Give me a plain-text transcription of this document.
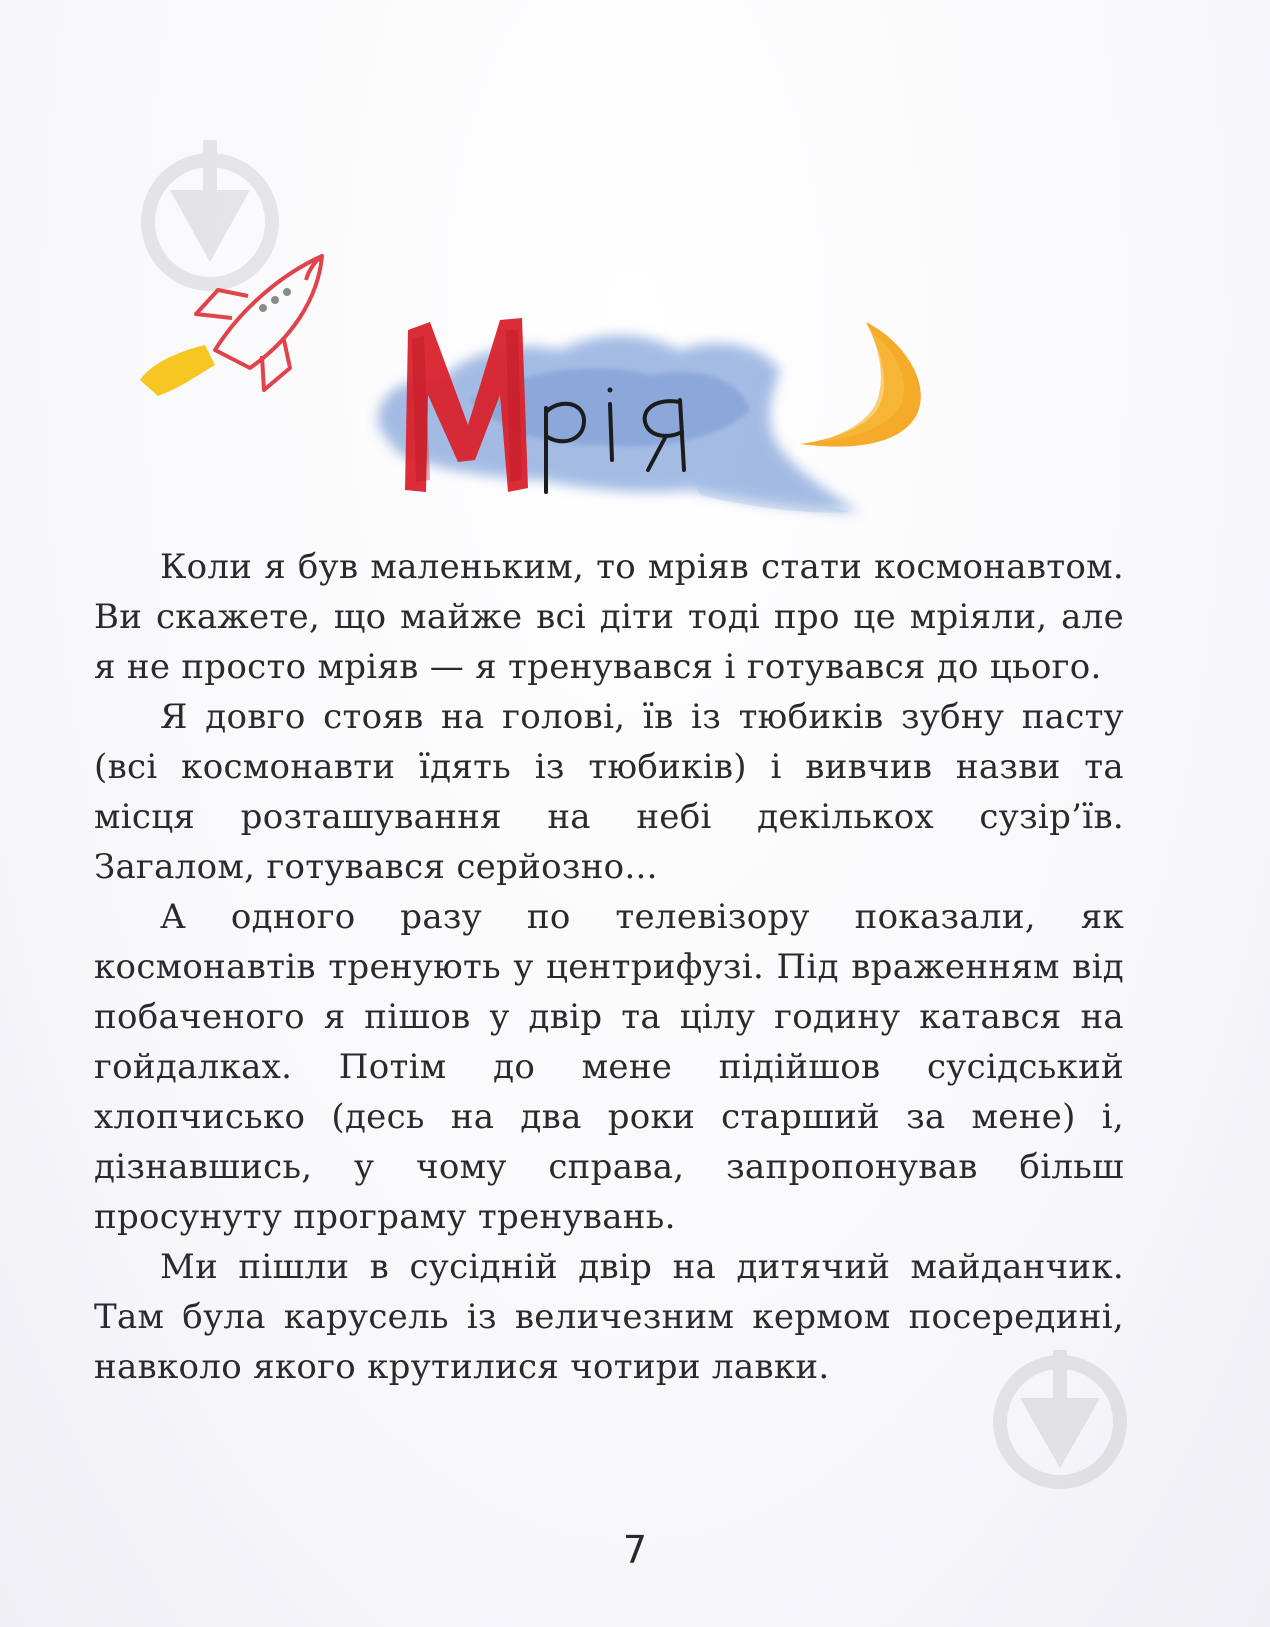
Коли я був маленьким, то мріяв стати космонавтом. Ви скажете, що майже всі діти тоді про це мріяли, але я не просто мріяв — я тренувався і готувався до цього.

Я довго стояв на голові, їв із тюбиків зубну пасту (всі космонавти їдять із тюбиків) і вивчив назви та місця розташування на небі декількох сузір’їв. Загалом, готувався серйозно...

А одного разу по телевізору показали, як космонавтів тренують у центрифузі. Під враженням від побаченого я пішов у двір та цілу годину катався на гойдалках. Потім до мене підійшов сусідський хлопчисько (десь на два роки старший за мене) і, дізнавшись, у чому справа, запропонував більш просунуту програму тренувань.

Ми пішли в сусідній двір на дитячий майданчик. Там була карусель із величезним кермом посередині, навколо якого крутилися чотири лавки.

7
